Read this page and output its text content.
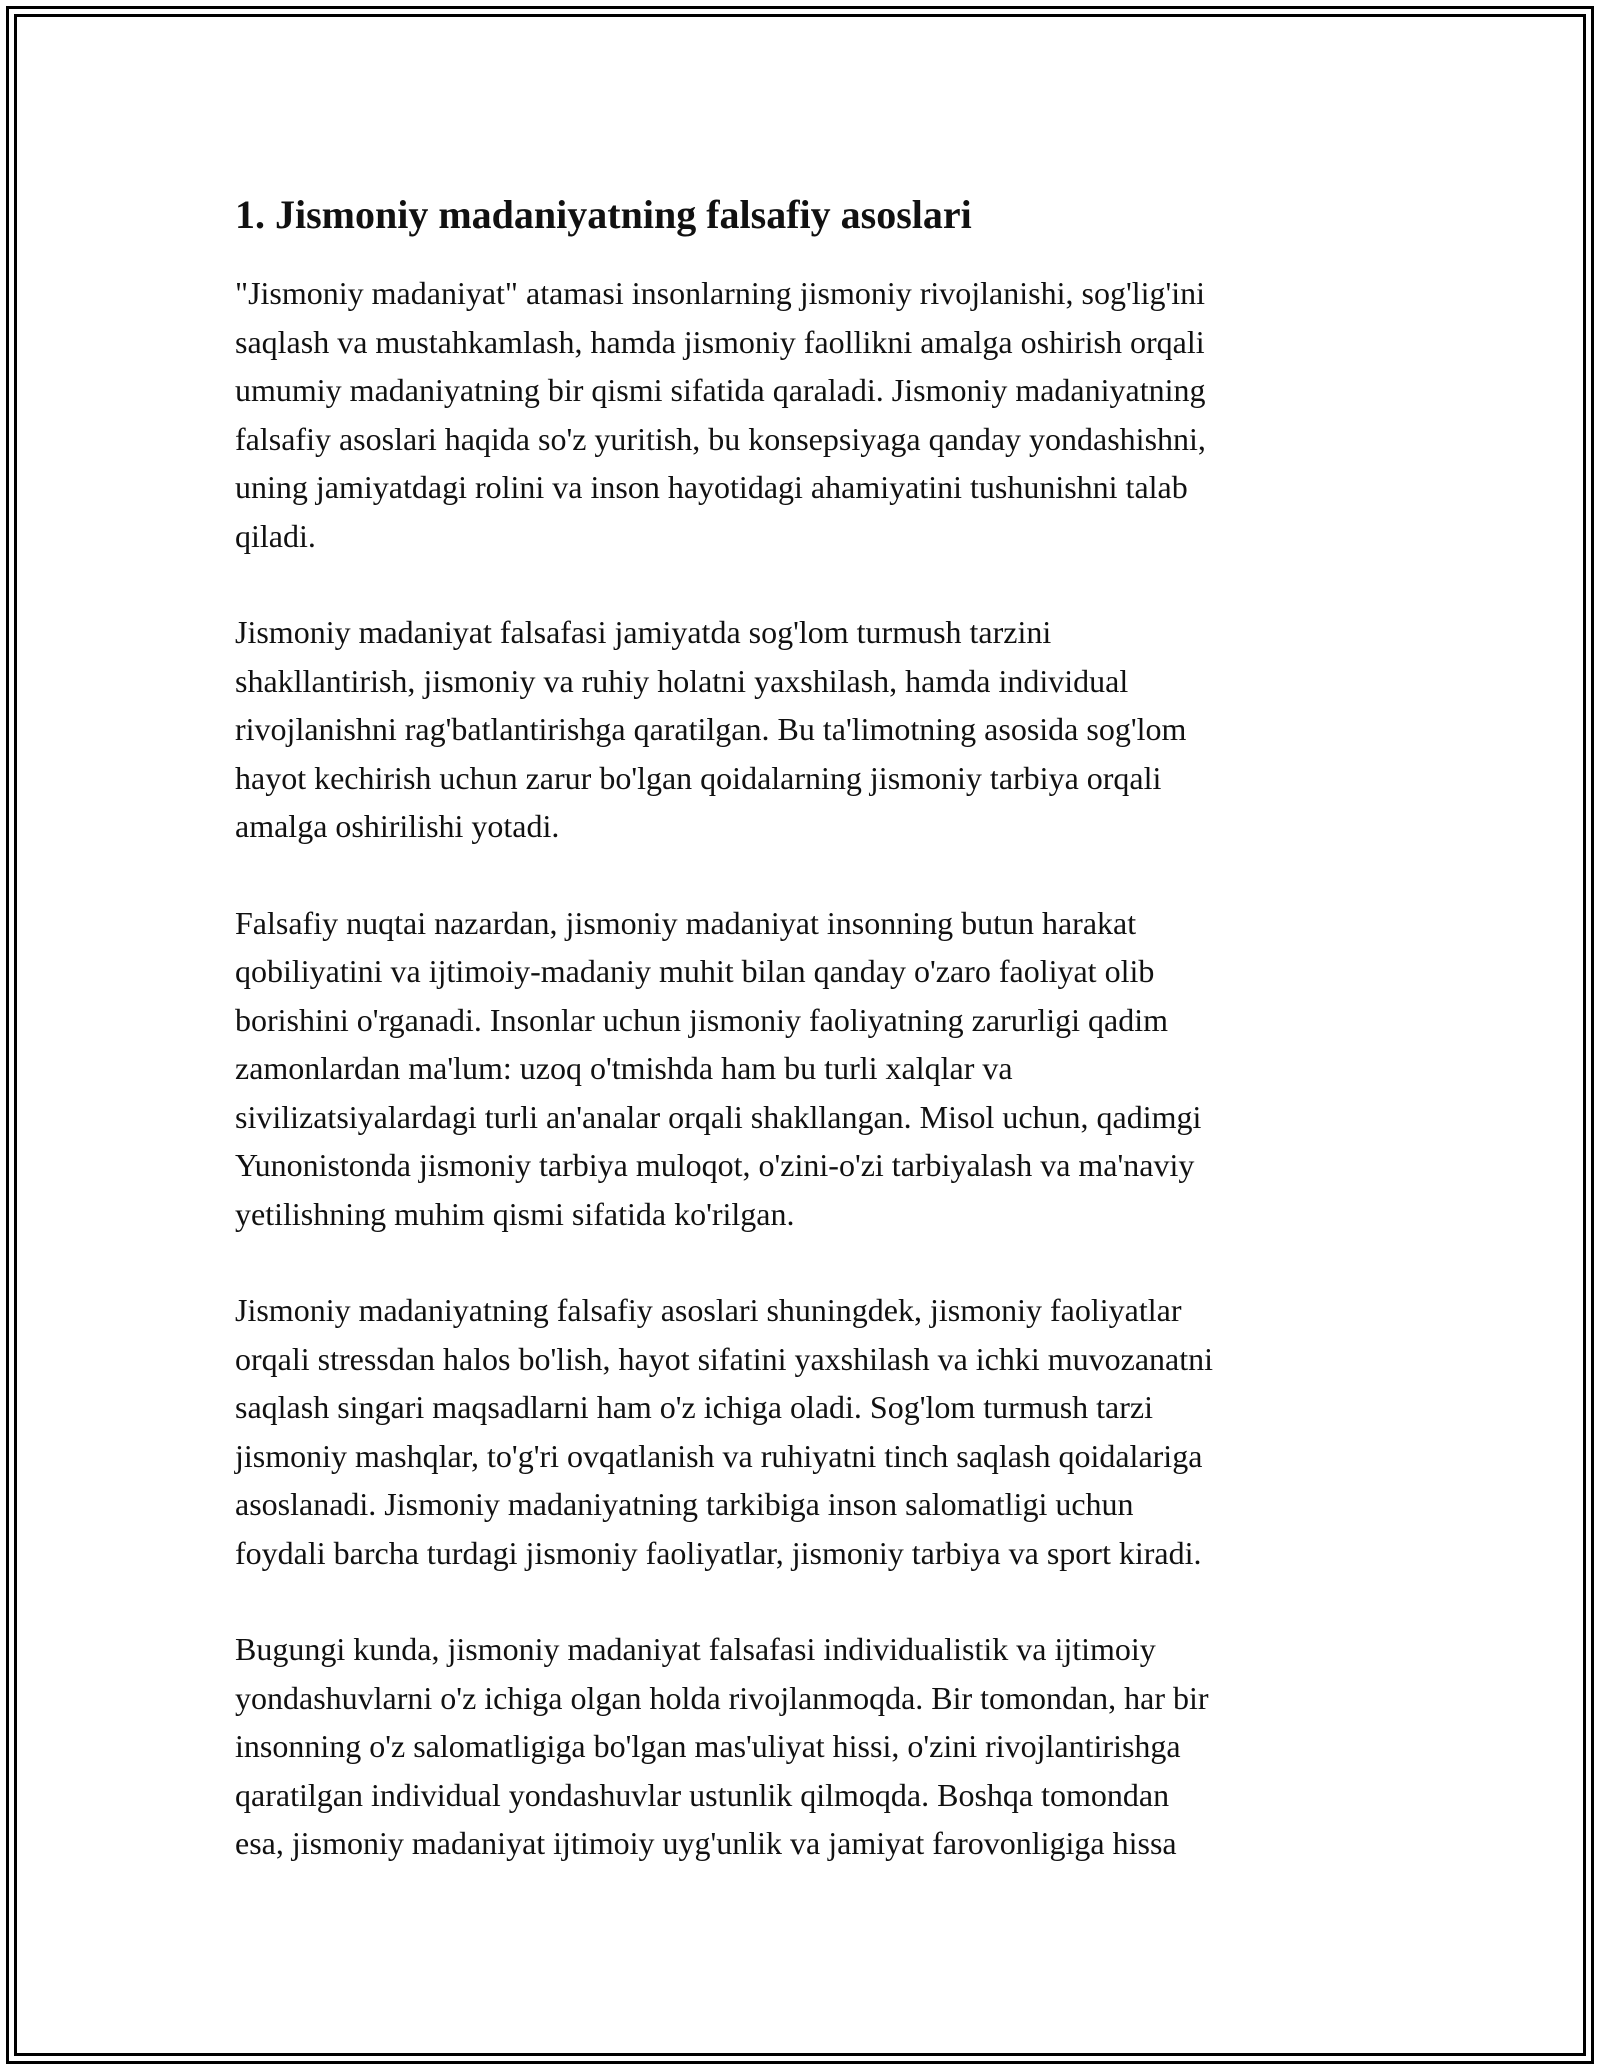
1. Jismoniy madaniyatning falsafiy asoslari

"Jismoniy madaniyat" atamasi insonlarning jismoniy rivojlanishi, sog'lig'ini
saqlash va mustahkamlash, hamda jismoniy faollikni amalga oshirish orqali
umumiy madaniyatning bir qismi sifatida qaraladi. Jismoniy madaniyatning
falsafiy asoslari haqida so'z yuritish, bu konsepsiyaga qanday yondashishni,
uning jamiyatdagi rolini va inson hayotidagi ahamiyatini tushunishni talab
qiladi.

Jismoniy madaniyat falsafasi jamiyatda sog'lom turmush tarzini
shakllantirish, jismoniy va ruhiy holatni yaxshilash, hamda individual
rivojlanishni rag'batlantirishga qaratilgan. Bu ta'limotning asosida sog'lom
hayot kechirish uchun zarur bo'lgan qoidalarning jismoniy tarbiya orqali
amalga oshirilishi yotadi.

Falsafiy nuqtai nazardan, jismoniy madaniyat insonning butun harakat
qobiliyatini va ijtimoiy-madaniy muhit bilan qanday o'zaro faoliyat olib
borishini o'rganadi. Insonlar uchun jismoniy faoliyatning zarurligi qadim
zamonlardan ma'lum: uzoq o'tmishda ham bu turli xalqlar va
sivilizatsiyalardagi turli an'analar orqali shakllangan. Misol uchun, qadimgi
Yunonistonda jismoniy tarbiya muloqot, o'zini-o'zi tarbiyalash va ma'naviy
yetilishning muhim qismi sifatida ko'rilgan.

Jismoniy madaniyatning falsafiy asoslari shuningdek, jismoniy faoliyatlar
orqali stressdan halos bo'lish, hayot sifatini yaxshilash va ichki muvozanatni
saqlash singari maqsadlarni ham o'z ichiga oladi. Sog'lom turmush tarzi
jismoniy mashqlar, to'g'ri ovqatlanish va ruhiyatni tinch saqlash qoidalariga
asoslanadi. Jismoniy madaniyatning tarkibiga inson salomatligi uchun
foydali barcha turdagi jismoniy faoliyatlar, jismoniy tarbiya va sport kiradi.

Bugungi kunda, jismoniy madaniyat falsafasi individualistik va ijtimoiy
yondashuvlarni o'z ichiga olgan holda rivojlanmoqda. Bir tomondan, har bir
insonning o'z salomatligiga bo'lgan mas'uliyat hissi, o'zini rivojlantirishga
qaratilgan individual yondashuvlar ustunlik qilmoqda. Boshqa tomondan
esa, jismoniy madaniyat ijtimoiy uyg'unlik va jamiyat farovonligiga hissa
